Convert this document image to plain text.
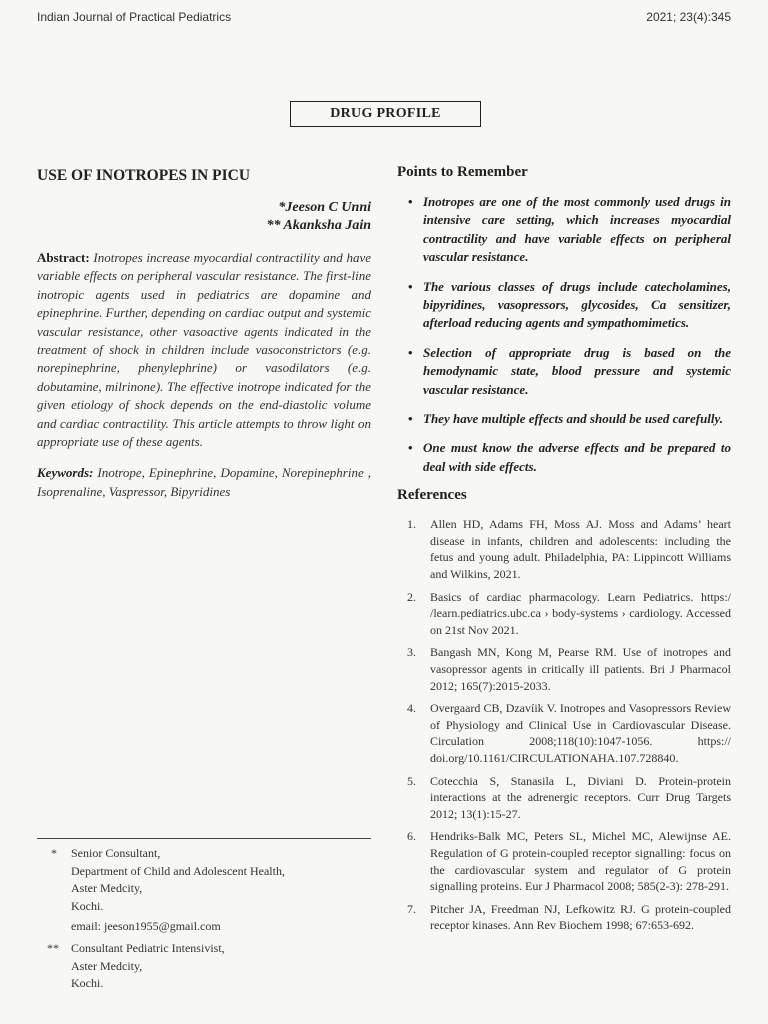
Indian Journal of Practical Pediatrics	2021; 23(4):345
DRUG PROFILE
USE OF INOTROPES IN PICU
*Jeeson C Unni
** Akanksha Jain

Abstract: Inotropes increase myocardial contractility and have variable effects on peripheral vascular resistance. The first-line inotropic agents used in pediatrics are dopamine and epinephrine. Further, depending on cardiac output and systemic vascular resistance, other vasoactive agents indicated in the treatment of shock in children include vasoconstrictors (e.g. norepinephrine, phenylephrine) or vasodilators (e.g. dobutamine, milrinone). The effective inotrope indicated for the given etiology of shock depends on the end-diastolic volume and cardiac contractility. This article attempts to throw light on appropriate use of these agents.

Keywords: Inotrope, Epinephrine, Dopamine, Norepinephrine , Isoprenaline, Vaspressor, Bipyridines

Points to Remember
• Inotropes are one of the most commonly used drugs in intensive care setting, which increases myocardial contractility and have variable effects on peripheral vascular resistance.
• The various classes of drugs include catecholamines, bipyridines, vasopressors, glycosides, Ca sensitizer, afterload reducing agents and sympathomimetics.
• Selection of appropriate drug is based on the hemodynamic state, blood pressure and systemic vascular resistance.
• They have multiple effects and should be used carefully.
• One must know the adverse effects and be prepared to deal with side effects.
References
1. Allen HD, Adams FH, Moss AJ. Moss and Adams’ heart disease in infants, children and adolescents: including the fetus and young adult. Philadelphia, PA: Lippincott Williams and Wilkins, 2021.
2. Basics of cardiac pharmacology. Learn Pediatrics. https:/ /learn.pediatrics.ubc.ca › body-systems › cardiology. Accessed on 21st Nov 2021.
3. Bangash MN, Kong M, Pearse RM. Use of inotropes and vasopressor agents in critically ill patients. Bri J Pharmacol 2012; 165(7):2015-2033.
4. Overgaard CB, Dzavíik V. Inotropes and Vasopressors Review of Physiology and Clinical Use in Cardiovascular Disease. Circulation 2008;118(10):1047-1056. https:// doi.org/10.1161/CIRCULATIONAHA.107.728840.
5. Cotecchia S, Stanasila L, Diviani D. Protein-protein interactions at the adrenergic receptors. Curr Drug Targets 2012; 13(1):15-27.
6. Hendriks-Balk MC, Peters SL, Michel MC, Alewijnse AE. Regulation of G protein-coupled receptor signalling: focus on the cardiovascular system and regulator of G protein signalling proteins. Eur J Pharmacol 2008; 585(2-3): 278-291.
7. Pitcher JA, Freedman NJ, Lefkowitz RJ. G protein-coupled receptor kinases. Ann Rev Biochem 1998; 67:653-692.
* Senior Consultant,
Department of Child and Adolescent Health,
Aster Medcity,
Kochi.
email: jeeson1955@gmail.com
** Consultant Pediatric Intensivist,
Aster Medcity,
Kochi.
